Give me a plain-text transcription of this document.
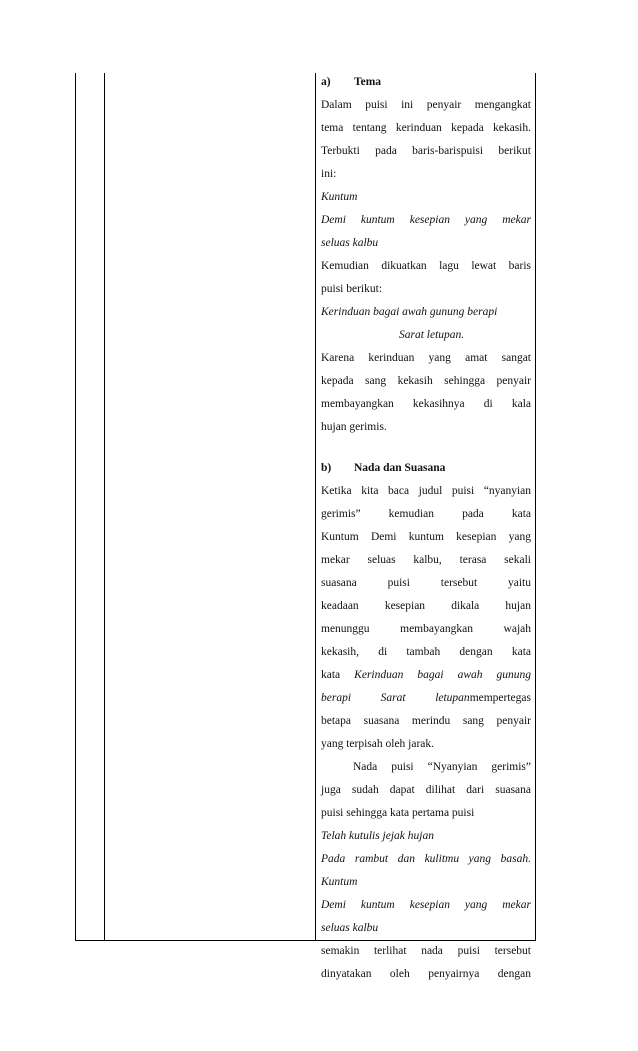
a) Tema
Dalam puisi ini penyair mengangkat
tema tentang kerinduan kepada kekasih.
Terbukti pada baris-barispuisi berikut
ini:
Kuntum
Demi kuntum kesepian yang mekar
seluas kalbu
Kemudian dikuatkan lagu lewat baris
puisi berikut:
Kerinduan bagai awah gunung berapi
Sarat letupan.
Karena kerinduan yang amat sangat
kepada sang kekasih sehingga penyair
membayangkan kekasihnya di kala
hujan gerimis.
b) Nada dan Suasana
Ketika kita baca judul puisi “nyanyian
gerimis” kemudian pada kata
Kuntum Demi kuntum kesepian yang
mekar seluas kalbu, terasa sekali
suasana puisi tersebut yaitu
keadaan kesepian dikala hujan
menunggu membayangkan wajah
kekasih, di tambah dengan kata
kata Kerinduan bagai awah gunung
berapi Sarat	letupanmempertegas
betapa suasana merindu sang penyair
yang terpisah oleh jarak.
Nada puisi “Nyanyian gerimis”
juga sudah dapat dilihat dari suasana
puisi sehingga kata pertama puisi
Telah kutulis jejak hujan
Pada rambut dan kulitmu yang basah.
Kuntum
Demi kuntum kesepian yang mekar
seluas kalbu
semakin terlihat nada puisi tersebut
dinyatakan oleh penyairnya dengan
